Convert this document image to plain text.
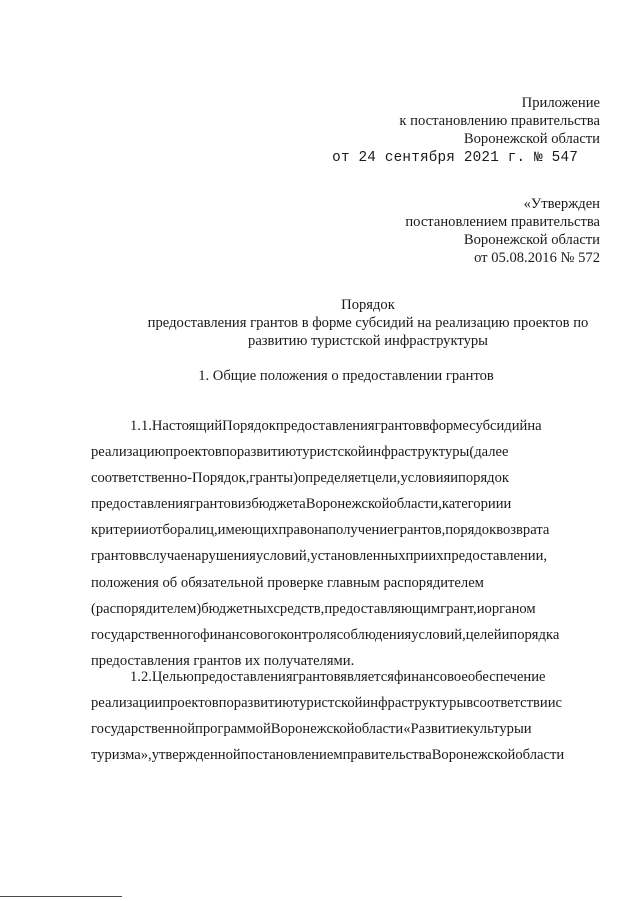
Приложение
к постановлению правительства
Воронежской области
от 24 сентября 2021 г. № 547
«Утвержден
постановлением правительства
Воронежской области
от 05.08.2016 № 572
Порядок
предоставления грантов в форме субсидий на реализацию проектов по
развитию туристской инфраструктуры
1. Общие положения о предоставлении грантов
1.1.НастоящийПорядокпредоставлениягрантоввформесубсидийна
реализациюпроектовпоразвитиютуристскойинфраструктуры(далее
соответственно-Порядок,гранты)определяетцели,условияипорядок
предоставлениягрантовизбюджетаВоронежскойобласти,категориии
критерииотборалиц,имеющихправонаполучениегрантов,порядоквозврата
грантоввслучаенарушенияусловий,установленныхприихпредоставлении,
положения об обязательной проверке главным распорядителем
(распорядителем)бюджетныхсредств,предоставляющимгрант,иорганом
государственногофинансовогоконтролясоблюденияусловий,целейипорядка
предоставления грантов их получателями.
1.2.Цельюпредоставлениягрантовявляетсяфинансовоеобеспечение
реализациипроектовпоразвитиютуристскойинфраструктурывсоответствиис
государственнойпрограммойВоронежскойобласти«Развитиекультурыи
туризма»,утвержденнойпостановлениемправительстваВоронежскойобласти
